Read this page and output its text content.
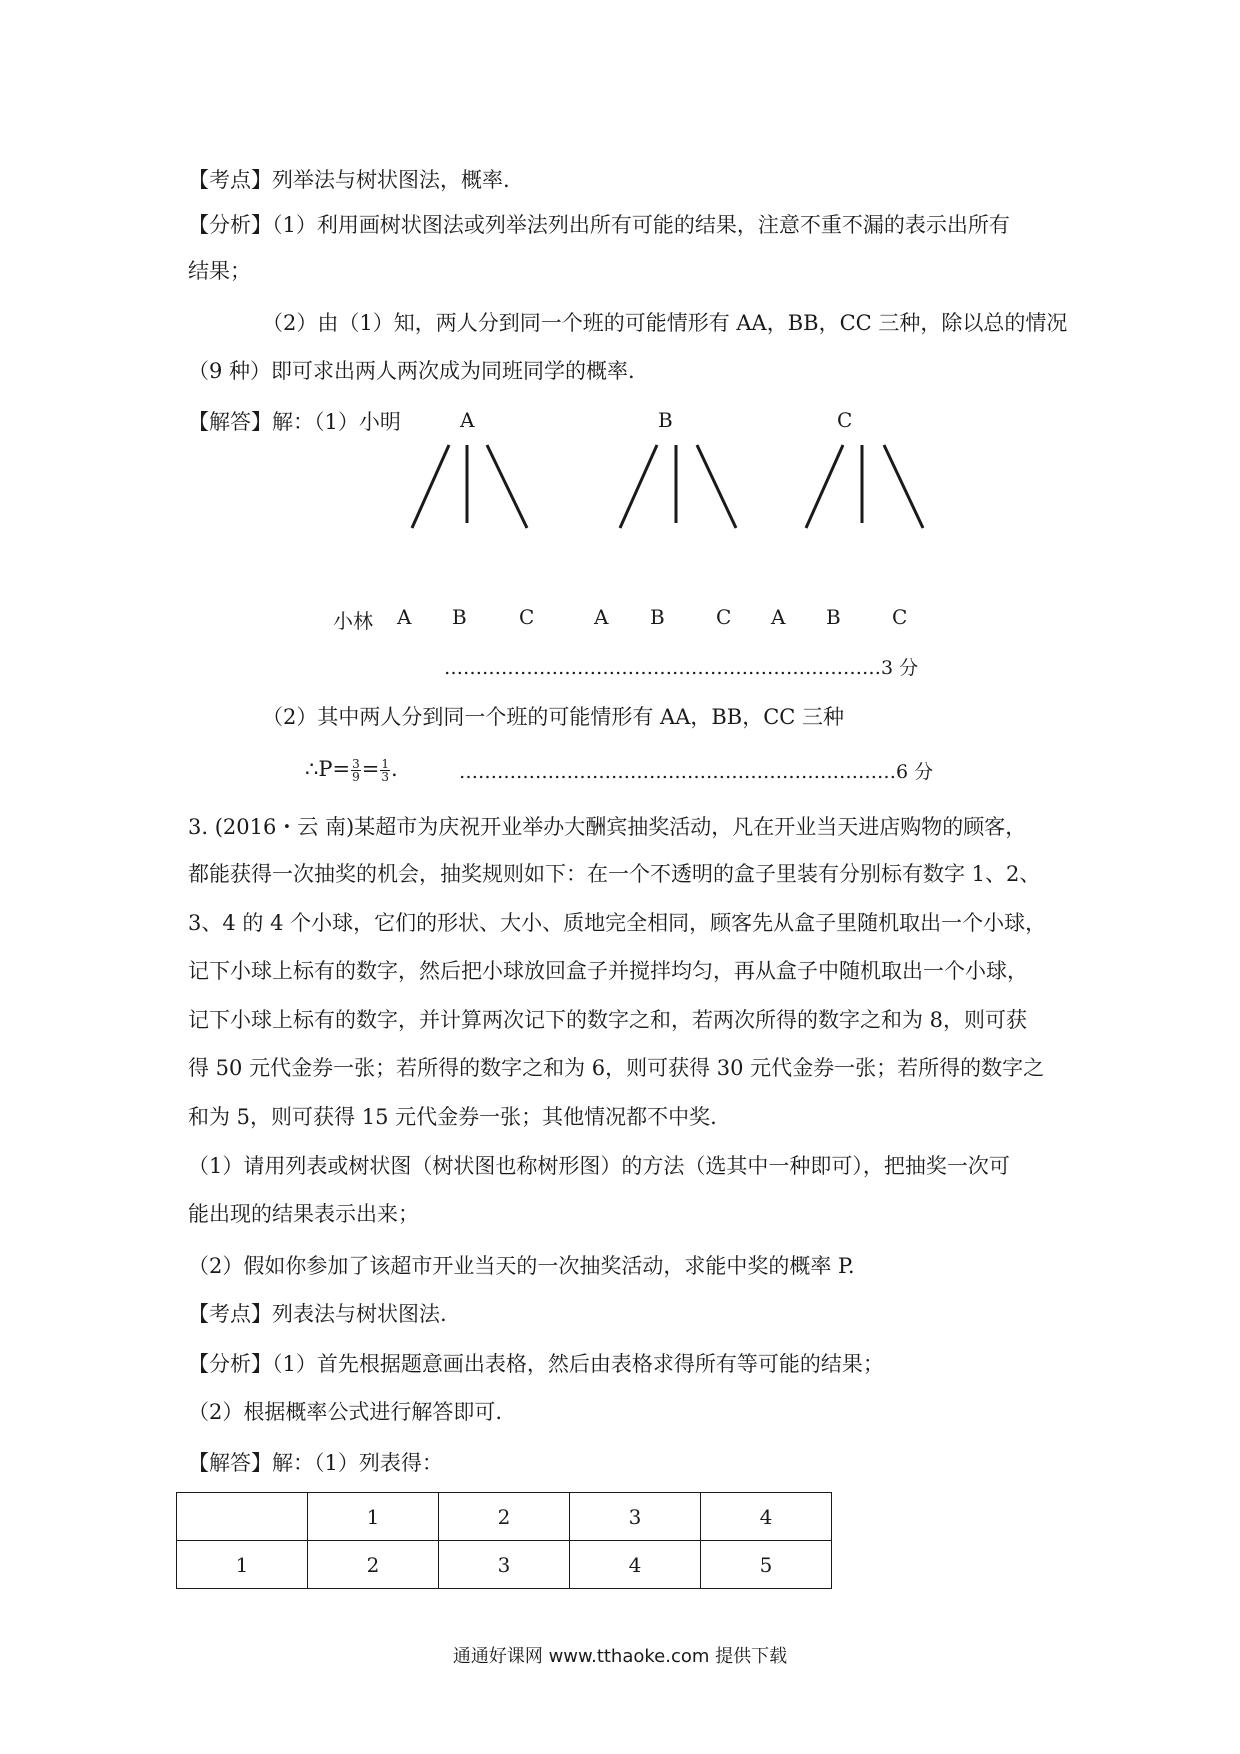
【考点】列举法与树状图法，概率.
【分析】（1）利用画树状图法或列举法列出所有可能的结果，注意不重不漏的表示出所有
结果；
（2）由（1）知，两人分到同一个班的可能情形有 AA，BB，CC 三种，除以总的情况
（9 种）即可求出两人两次成为同班同学的概率.
【解答】解：（1）小明	A	B	C
小林 A B	C	A B	C A B	C
……………………………………………………………3 分
（2）其中两人分到同一个班的可能情形有 AA，BB，CC 三种
∴P= $\frac{3}{9} = \frac{1}{3}$ .	……………………………………………………………6 分
3. (2016・云 南)某超市为庆祝开业举办大酬宾抽奖活动，凡在开业当天进店购物的顾客，
都能获得一次抽奖的机会，抽奖规则如下：在一个不透明的盒子里装有分别标有数字 1、2、
3、4 的 4 个小球，它们的形状、大小、质地完全相同，顾客先从盒子里随机取出一个小球，
记下小球上标有的数字，然后把小球放回盒子并搅拌均匀，再从盒子中随机取出一个小球，
记下小球上标有的数字，并计算两次记下的数字之和，若两次所得的数字之和为 8，则可获
得 50 元代金券一张；若所得的数字之和为 6，则可获得 30 元代金券一张；若所得的数字之
和为 5，则可获得 15 元代金券一张；其他情况都不中奖.
（1）请用列表或树状图（树状图也称树形图）的方法（选其中一种即可），把抽奖一次可
能出现的结果表示出来；
（2）假如你参加了该超市开业当天的一次抽奖活动，求能中奖的概率 P.
【考点】列表法与树状图法.
【分析】（1）首先根据题意画出表格，然后由表格求得所有等可能的结果；
（2）根据概率公式进行解答即可.
【解答】解：（1）列表得：
	1	2	3	4
1	2	3	4	5
通通好课网 www.tthaoke.com 提供下载
